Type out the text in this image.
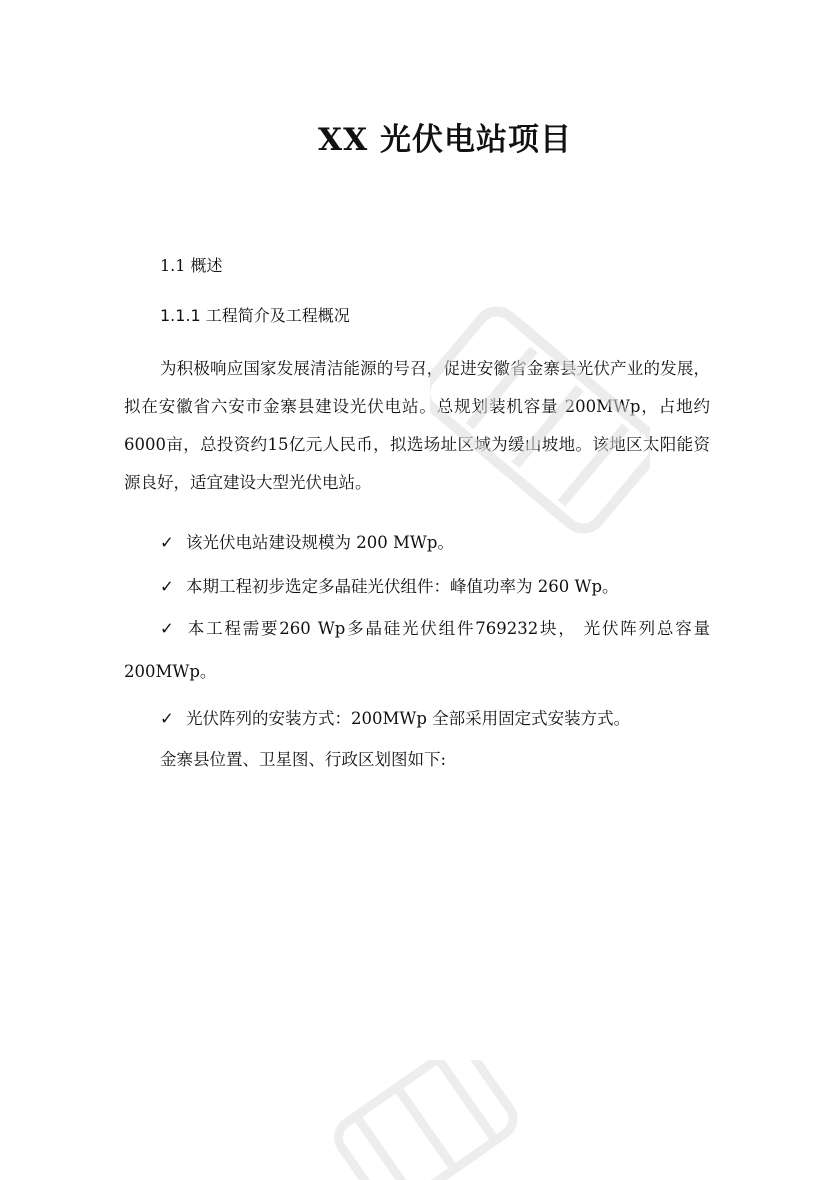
XX 光伏电站项目
1.1 概述
1.1.1 工程简介及工程概况
为积极响应国家发展清洁能源的号召，促进安徽省金寨县光伏产业的发展，拟在安徽省六安市金寨县建设光伏电站。总规划装机容量 200MWp，占地约6000亩，总投资约15亿元人民币，拟选场址区域为缓山坡地。该地区太阳能资源良好，适宜建设大型光伏电站。
✓ 该光伏电站建设规模为 200 MWp。
✓ 本期工程初步选定多晶硅光伏组件：峰值功率为 260 Wp。
✓ 本工程需要260 Wp多晶硅光伏组件769232块， 光伏阵列总容量200MWp。
✓ 光伏阵列的安装方式：200MWp 全部采用固定式安装方式。
金寨县位置、卫星图、行政区划图如下:
